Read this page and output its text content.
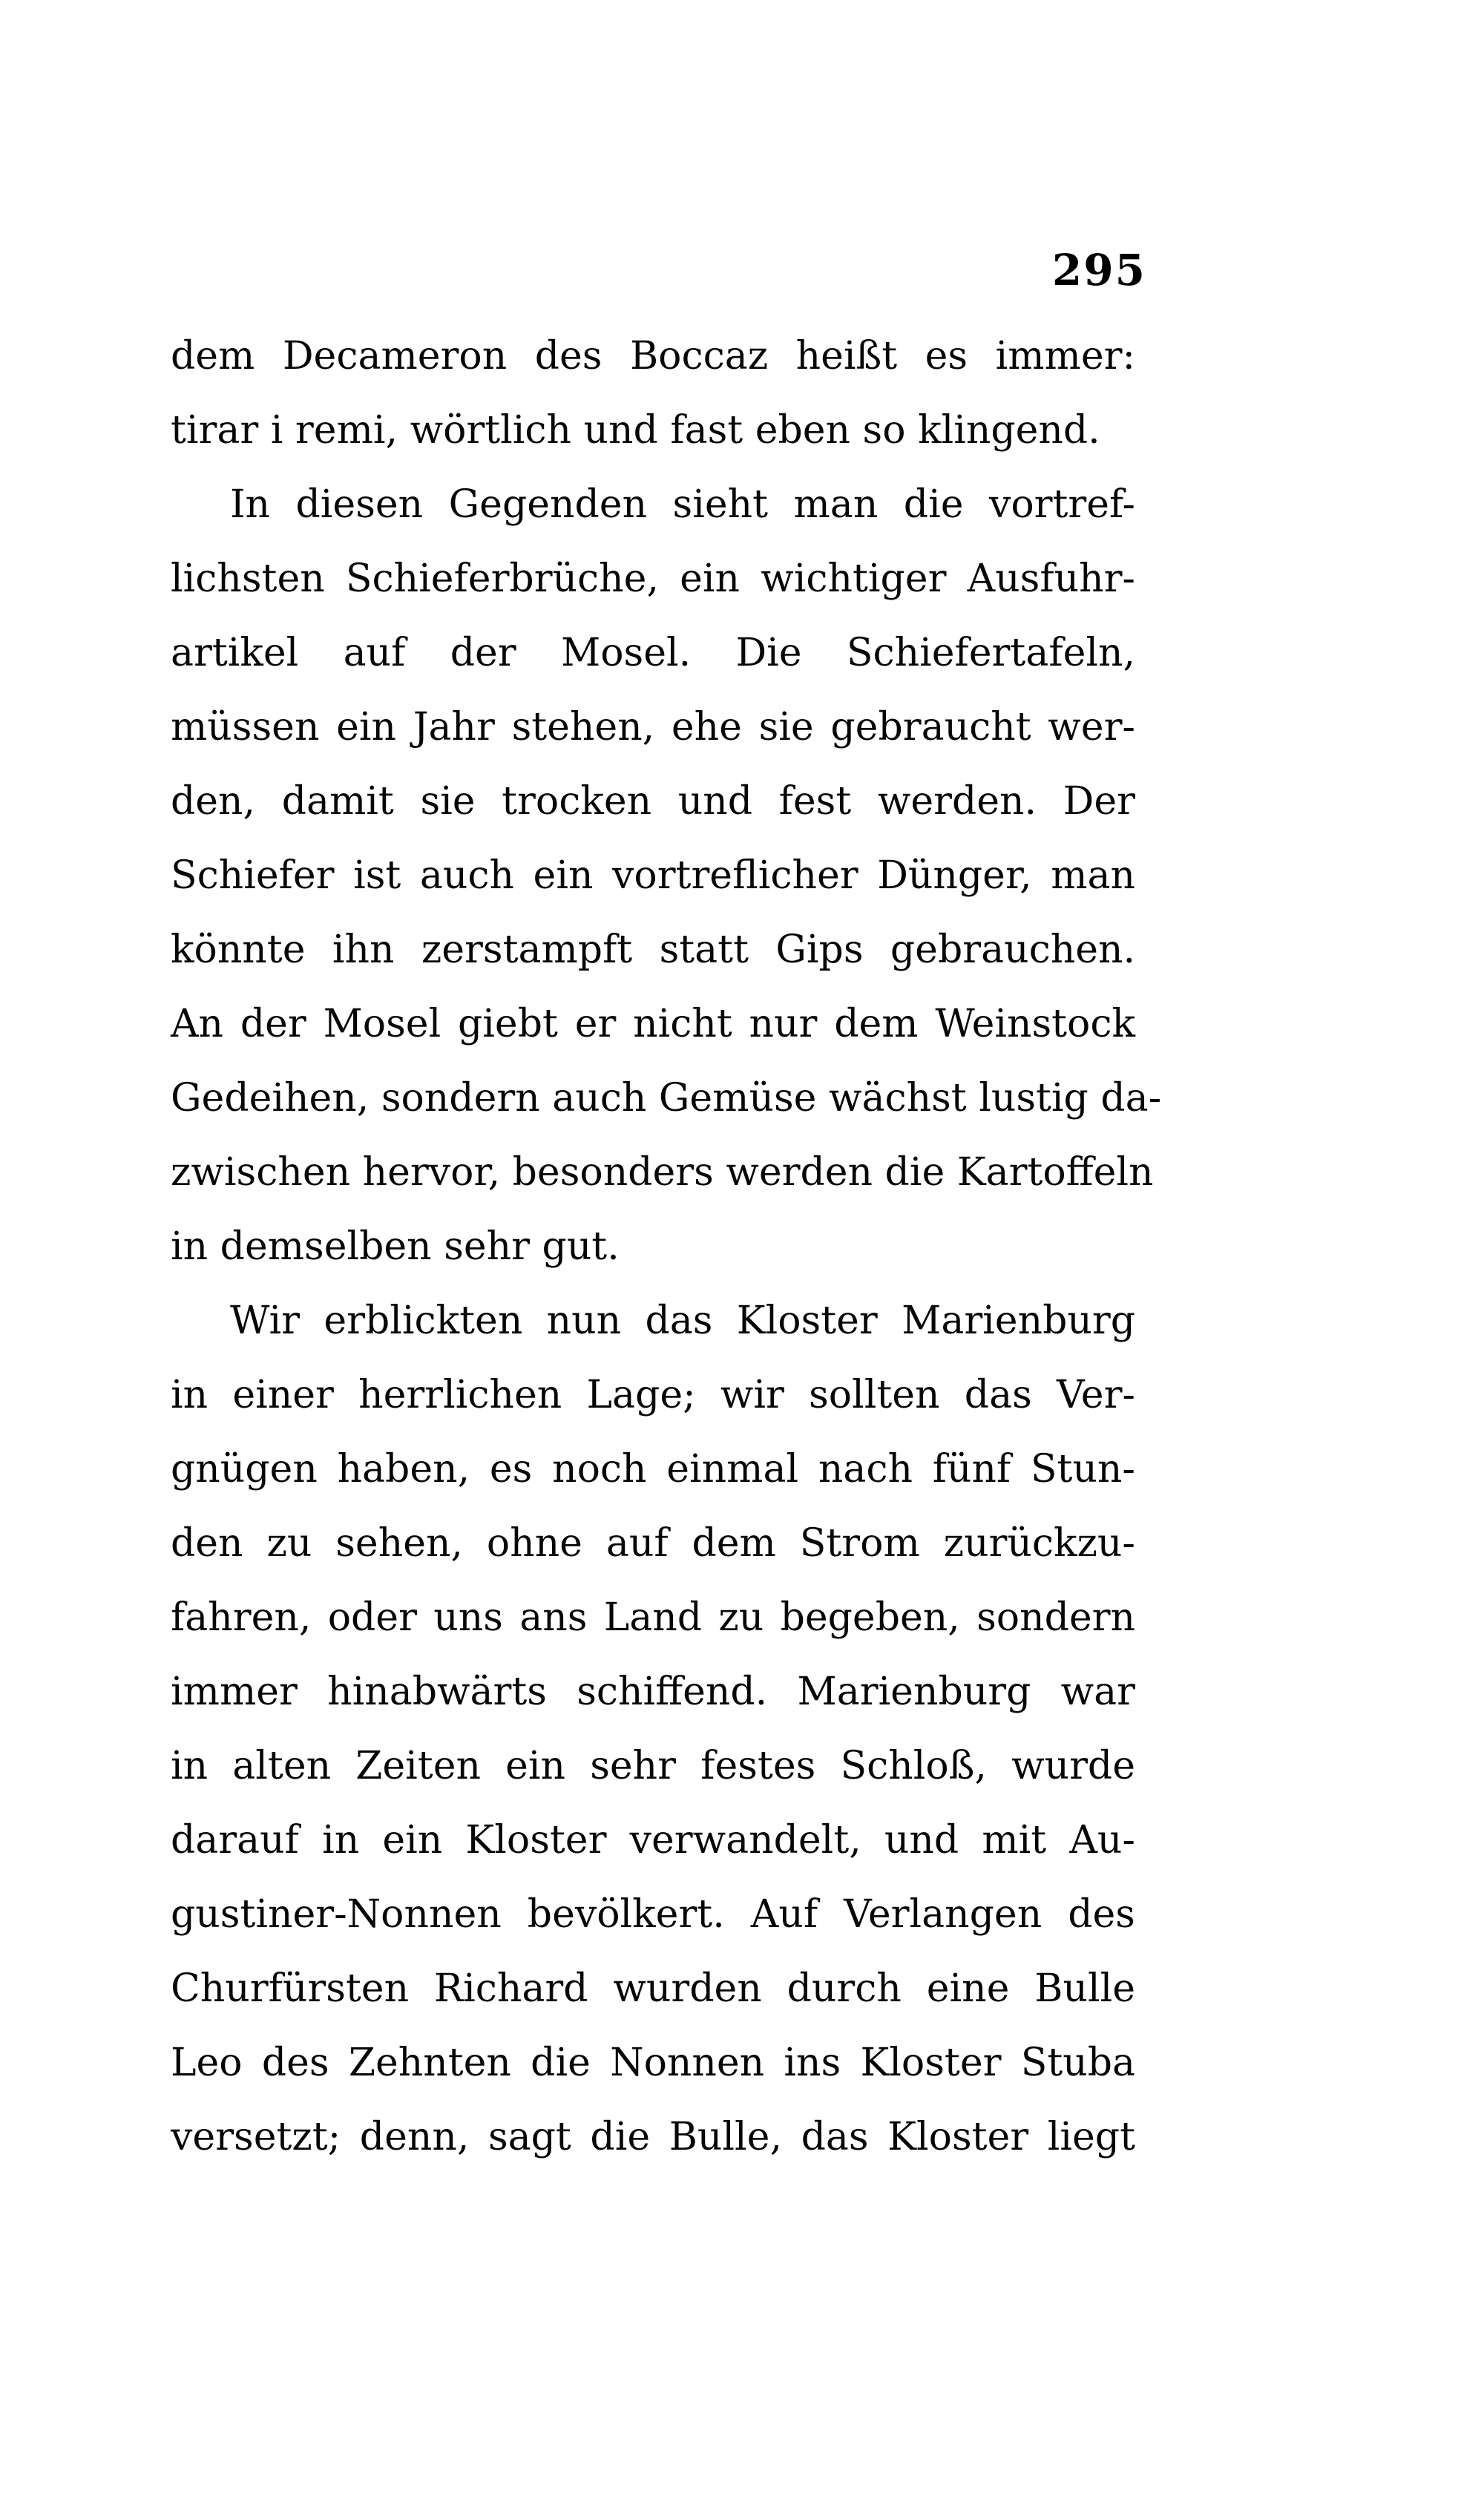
295
dem Decameron des Boccaz heißt es immer:
tirar i remi, wörtlich und fast eben so klingend.
In diesen Gegenden sieht man die vortref-
lichsten Schieferbrüche, ein wichtiger Ausfuhr-
artikel auf der Mosel. Die Schiefertafeln,
müssen ein Jahr stehen, ehe sie gebraucht wer-
den, damit sie trocken und fest werden. Der
Schiefer ist auch ein vortreflicher Dünger, man
könnte ihn zerstampft statt Gips gebrauchen.
An der Mosel giebt er nicht nur dem Weinstock
Gedeihen, sondern auch Gemüse wächst lustig da-
zwischen hervor, besonders werden die Kartoffeln
in demselben sehr gut.
Wir erblickten nun das Kloster Marienburg
in einer herrlichen Lage; wir sollten das Ver-
gnügen haben, es noch einmal nach fünf Stun-
den zu sehen, ohne auf dem Strom zurückzu-
fahren, oder uns ans Land zu begeben, sondern
immer hinabwärts schiffend. Marienburg war
in alten Zeiten ein sehr festes Schloß, wurde
darauf in ein Kloster verwandelt, und mit Au-
gustiner-Nonnen bevölkert. Auf Verlangen des
Churfürsten Richard wurden durch eine Bulle
Leo des Zehnten die Nonnen ins Kloster Stuba
versetzt; denn, sagt die Bulle, das Kloster liegt
